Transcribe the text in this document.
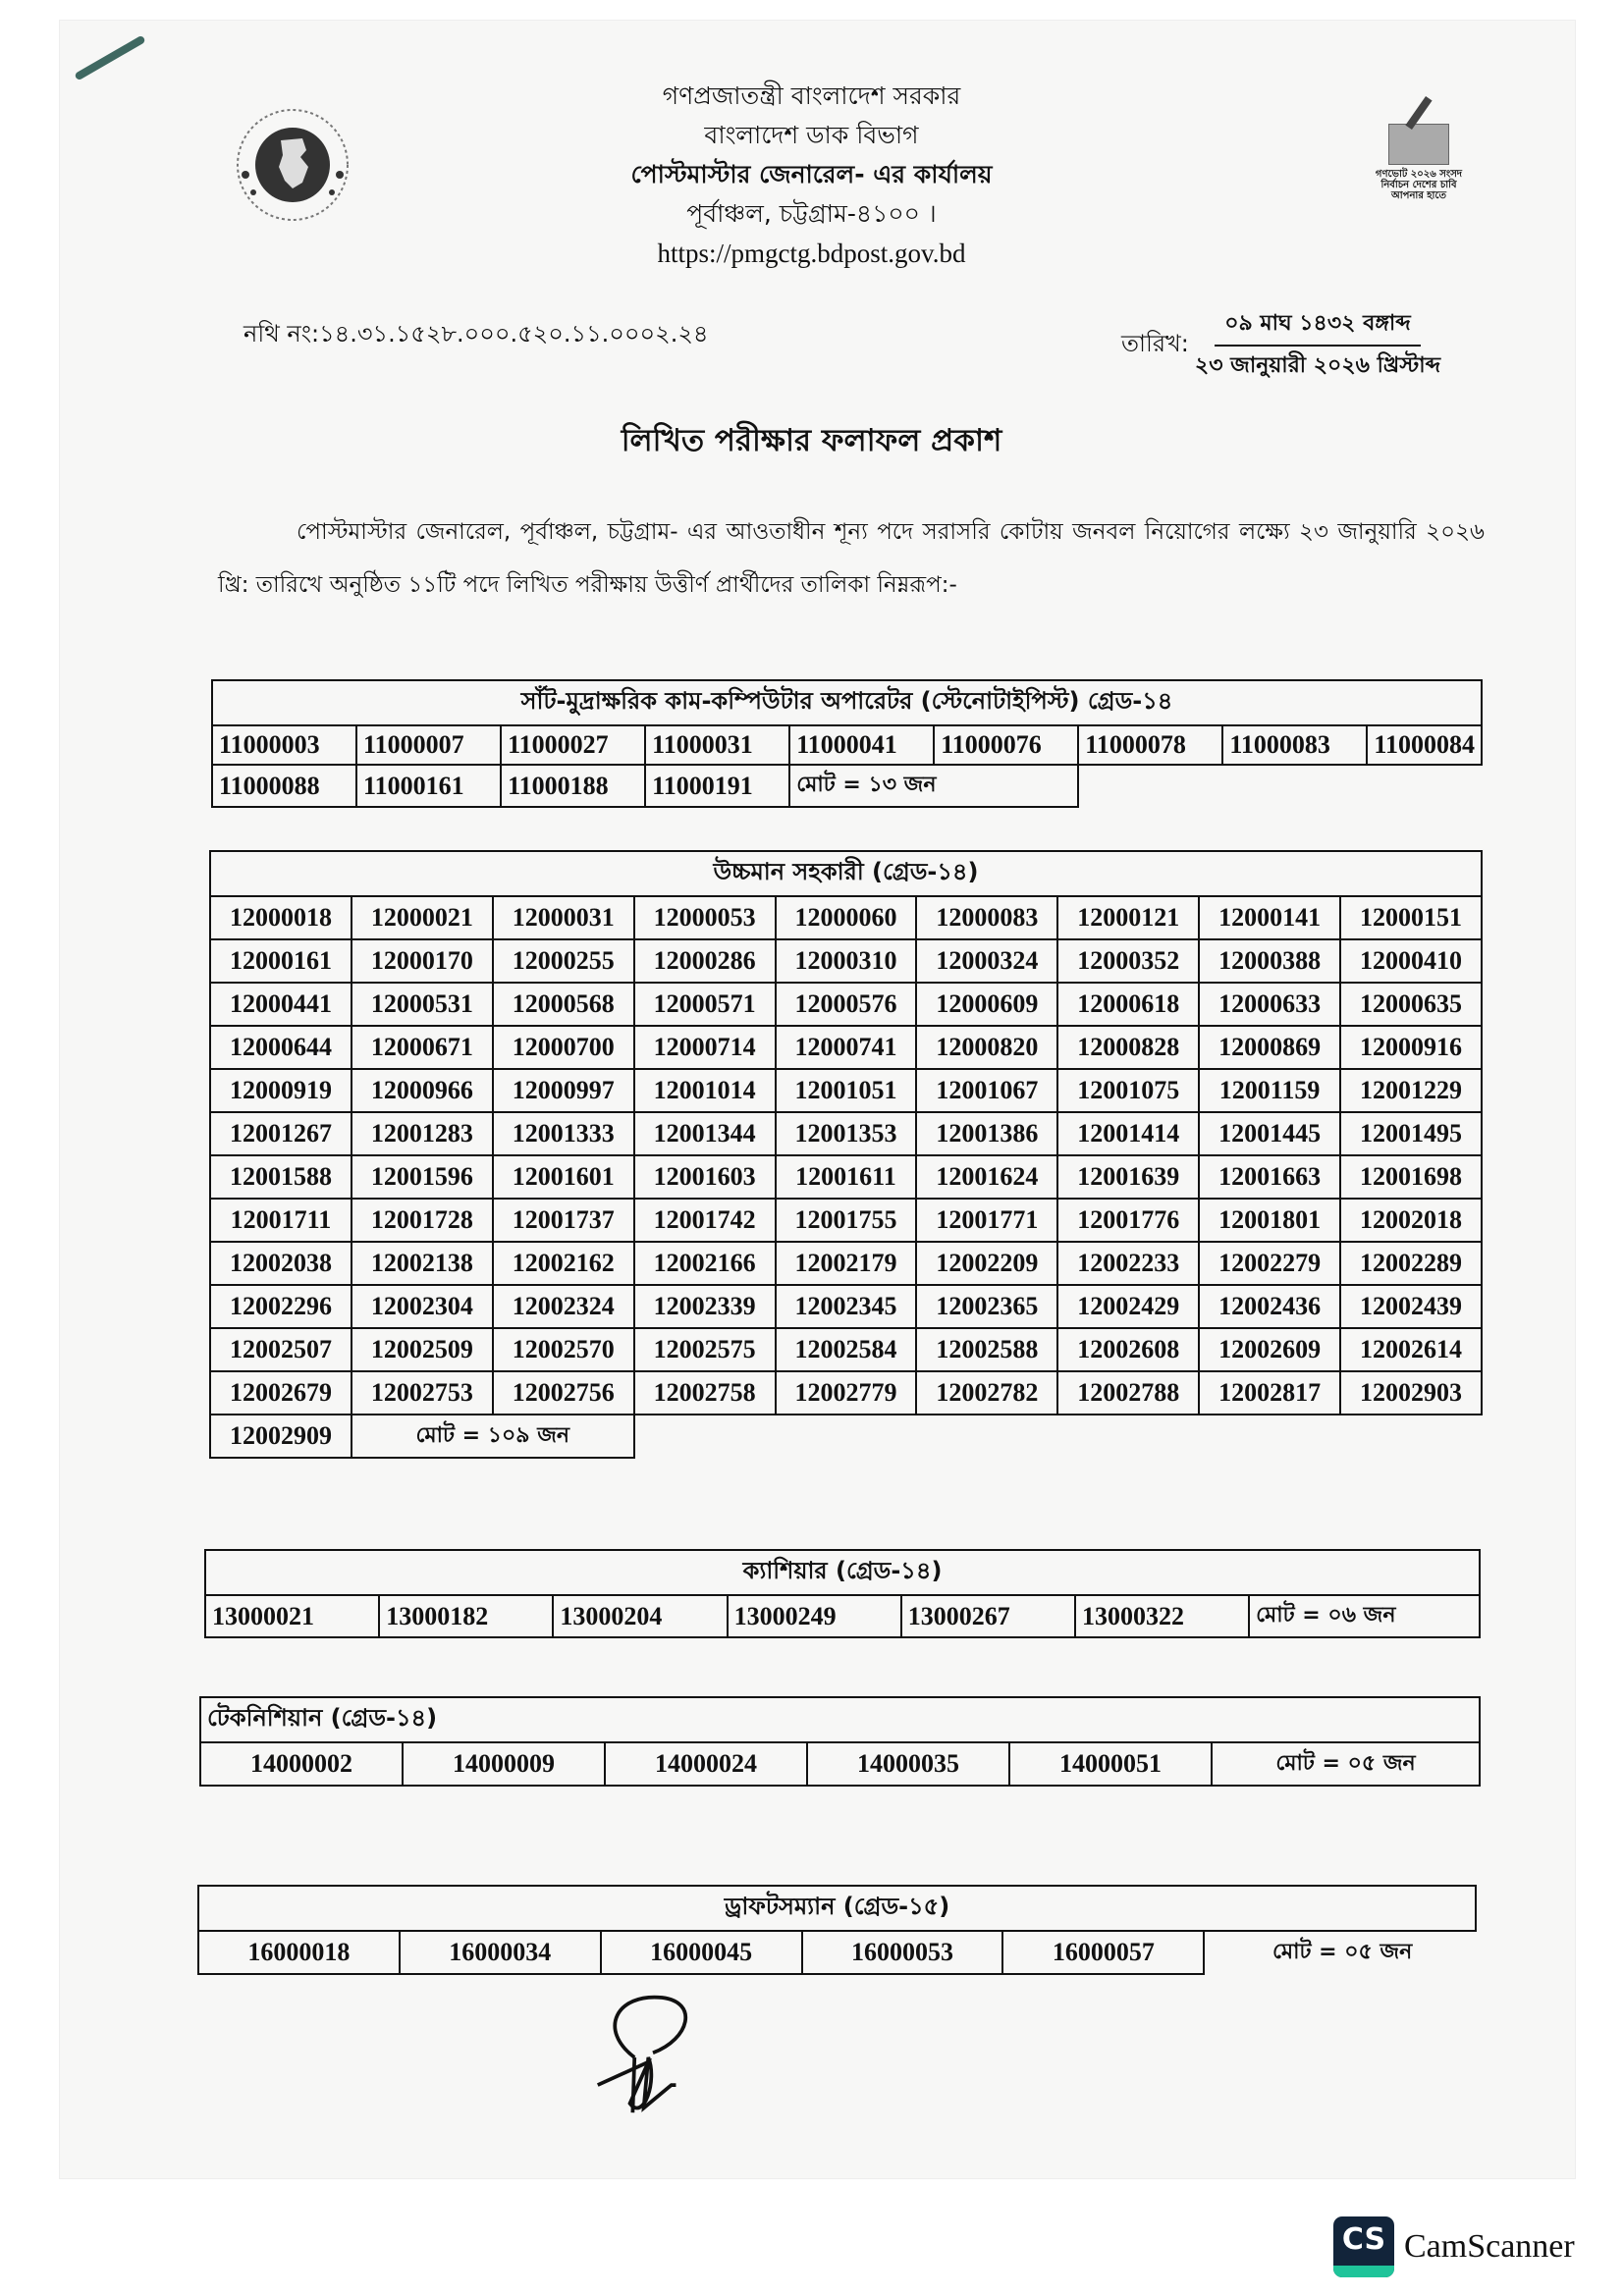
গণপ্রজাতন্ত্রী বাংলাদেশ সরকার
বাংলাদেশ ডাক বিভাগ
পোস্টমাস্টার জেনারেল- এর কার্যালয়
পূর্বাঞ্চল, চট্টগ্রাম-৪১০০ ।
https://pmgctg.bdpost.gov.bd
গণভোট ২০২৬ সংসদ নির্বাচন দেশের চাবি আপনার হাতে
নথি নং:১৪.৩১.১৫২৮.০০০.৫২০.১১.০০০২.২৪	তারিখ: $\frac{\text{০৯ মাঘ ১৪৩২ বঙ্গাব্দ}}{\text{২৩ জানুয়ারী ২০২৬ খ্রিস্টাব্দ}}$
লিখিত পরীক্ষার ফলাফল প্রকাশ
পোস্টমাস্টার জেনারেল, পূর্বাঞ্চল, চট্টগ্রাম- এর আওতাধীন শূন্য পদে সরাসরি কোটায় জনবল নিয়োগের লক্ষ্যে ২৩ জানুয়ারি ২০২৬ খ্রি: তারিখে অনুষ্ঠিত ১১টি পদে লিখিত পরীক্ষায় উত্তীর্ণ প্রার্থীদের তালিকা নিম্নরূপ:-
সাঁট-মুদ্রাক্ষরিক কাম-কম্পিউটার অপারেটর (স্টেনোটাইপিস্ট) গ্রেড-১৪								
11000003	11000007	11000027	11000031	11000041	11000076	11000078	11000083	11000084
11000088	11000161	11000188	11000191	মোট = ১৩ জন				
উচ্চমান সহকারী (গ্রেড-১৪)								
12000018	12000021	12000031	12000053	12000060	12000083	12000121	12000141	12000151
12000161	12000170	12000255	12000286	12000310	12000324	12000352	12000388	12000410
12000441	12000531	12000568	12000571	12000576	12000609	12000618	12000633	12000635
12000644	12000671	12000700	12000714	12000741	12000820	12000828	12000869	12000916
12000919	12000966	12000997	12001014	12001051	12001067	12001075	12001159	12001229
12001267	12001283	12001333	12001344	12001353	12001386	12001414	12001445	12001495
12001588	12001596	12001601	12001603	12001611	12001624	12001639	12001663	12001698
12001711	12001728	12001737	12001742	12001755	12001771	12001776	12001801	12002018
12002038	12002138	12002162	12002166	12002179	12002209	12002233	12002279	12002289
12002296	12002304	12002324	12002339	12002345	12002365	12002429	12002436	12002439
12002507	12002509	12002570	12002575	12002584	12002588	12002608	12002609	12002614
12002679	12002753	12002756	12002758	12002779	12002782	12002788	12002817	12002903
12002909	মোট = ১০৯ জন							
ক্যাশিয়ার (গ্রেড-১৪)
13000021	13000182	13000204	13000249	13000267	13000322	মোট = ০৬ জন
টেকনিশিয়ান (গ্রেড-১৪)
14000002	14000009	14000024	14000035	14000051	মোট = ০৫ জন
ড্রাফটসম্যান (গ্রেড-১৫)
16000018	16000034	16000045	16000053	16000057	মোট = ০৫ জন
CS CamScanner
